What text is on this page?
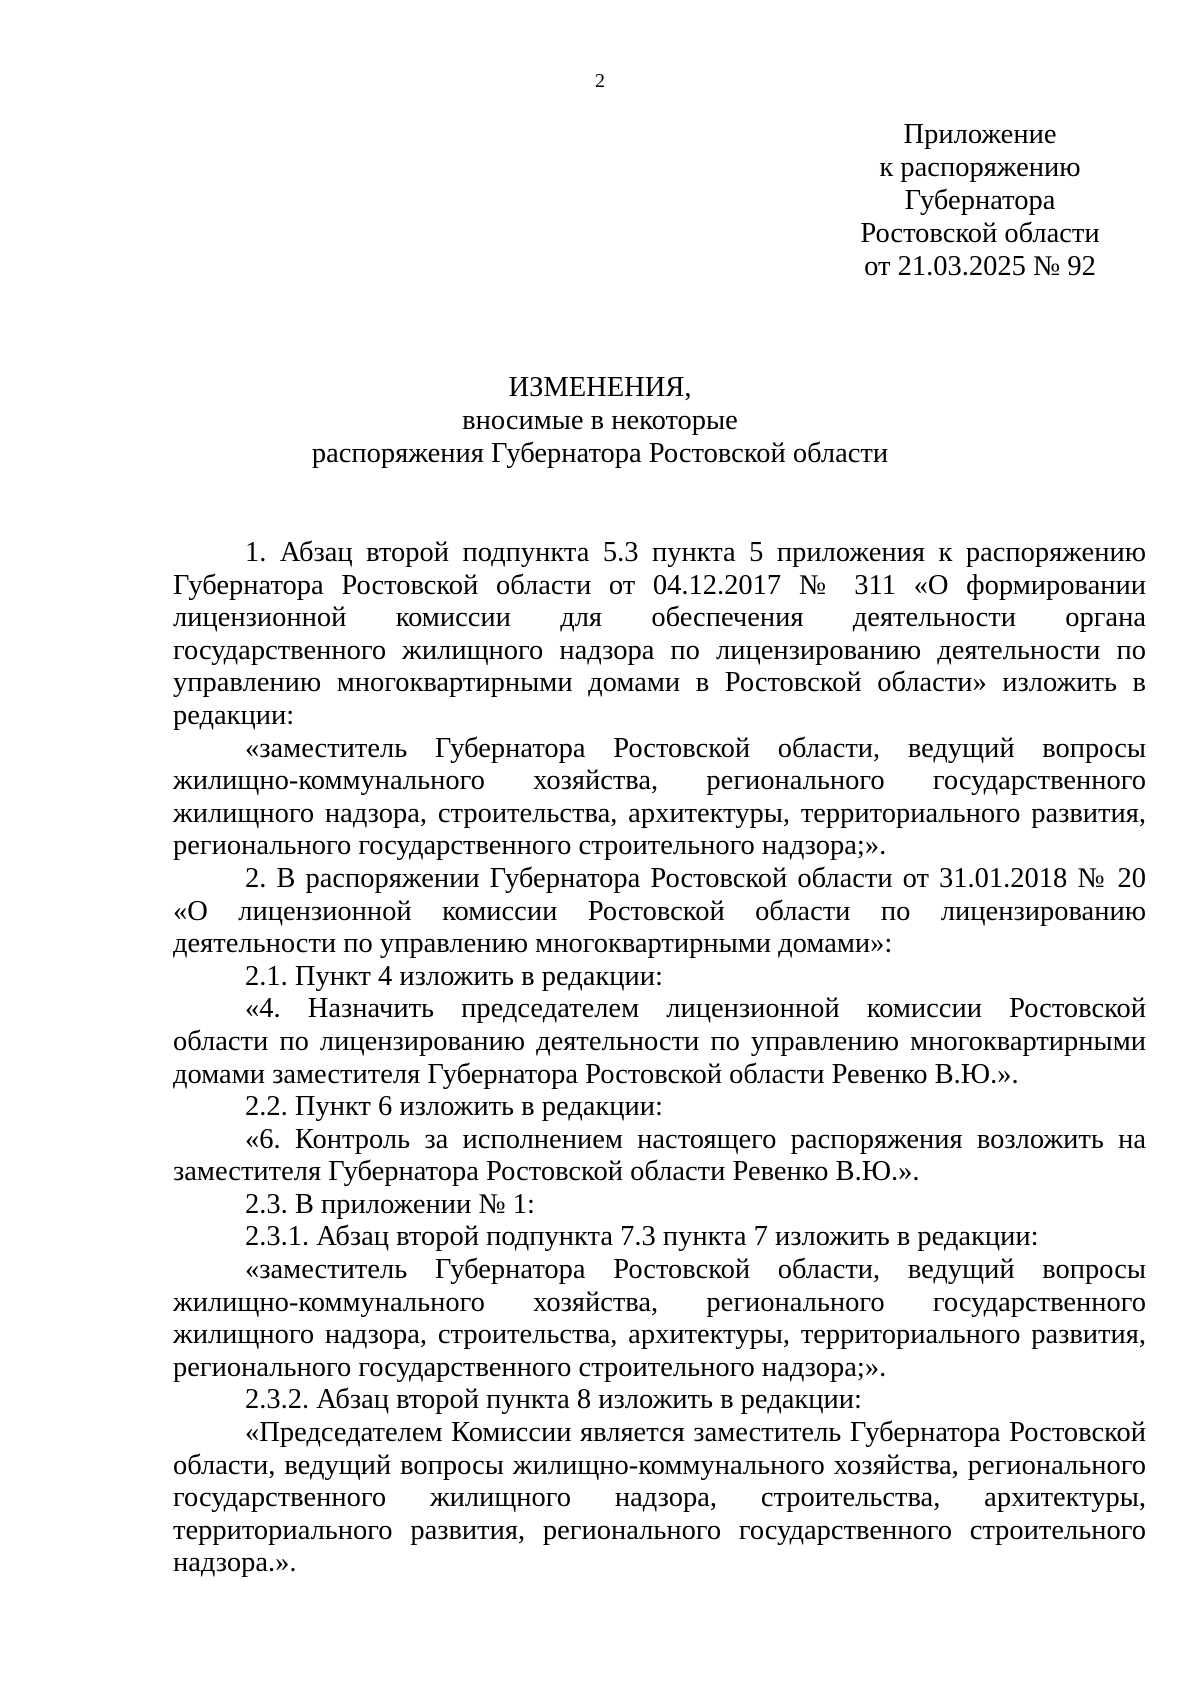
2
Приложение
к распоряжению
Губернатора
Ростовской области
от 21.03.2025 № 92
ИЗМЕНЕНИЯ,
вносимые в некоторые
распоряжения Губернатора Ростовской области

1. Абзац второй подпункта 5.3 пункта 5 приложения к распоряжению Губернатора Ростовской области от 04.12.2017 № 311 «О формировании лицензионной комиссии для обеспечения деятельности органа государственного жилищного надзора по лицензированию деятельности по управлению многоквартирными домами в Ростовской области» изложить в редакции:

«заместитель Губернатора Ростовской области, ведущий вопросы жилищно-коммунального хозяйства, регионального государственного жилищного надзора, строительства, архитектуры, территориального развития, регионального государственного строительного надзора;».

2. В распоряжении Губернатора Ростовской области от 31.01.2018 № 20 «О лицензионной комиссии Ростовской области по лицензированию деятельности по управлению многоквартирными домами»:

2.1. Пункт 4 изложить в редакции:

«4. Назначить председателем лицензионной комиссии Ростовской области по лицензированию деятельности по управлению многоквартирными домами заместителя Губернатора Ростовской области Ревенко В.Ю.».

2.2. Пункт 6 изложить в редакции:

«6. Контроль за исполнением настоящего распоряжения возложить на заместителя Губернатора Ростовской области Ревенко В.Ю.».

2.3. В приложении № 1:

2.3.1. Абзац второй подпункта 7.3 пункта 7 изложить в редакции:

«заместитель Губернатора Ростовской области, ведущий вопросы жилищно-коммунального хозяйства, регионального государственного жилищного надзора, строительства, архитектуры, территориального развития, регионального государственного строительного надзора;».

2.3.2. Абзац второй пункта 8 изложить в редакции:

«Председателем Комиссии является заместитель Губернатора Ростовской области, ведущий вопросы жилищно-коммунального хозяйства, регионального государственного жилищного надзора, строительства, архитектуры, территориального развития, регионального государственного строительного надзора.».
